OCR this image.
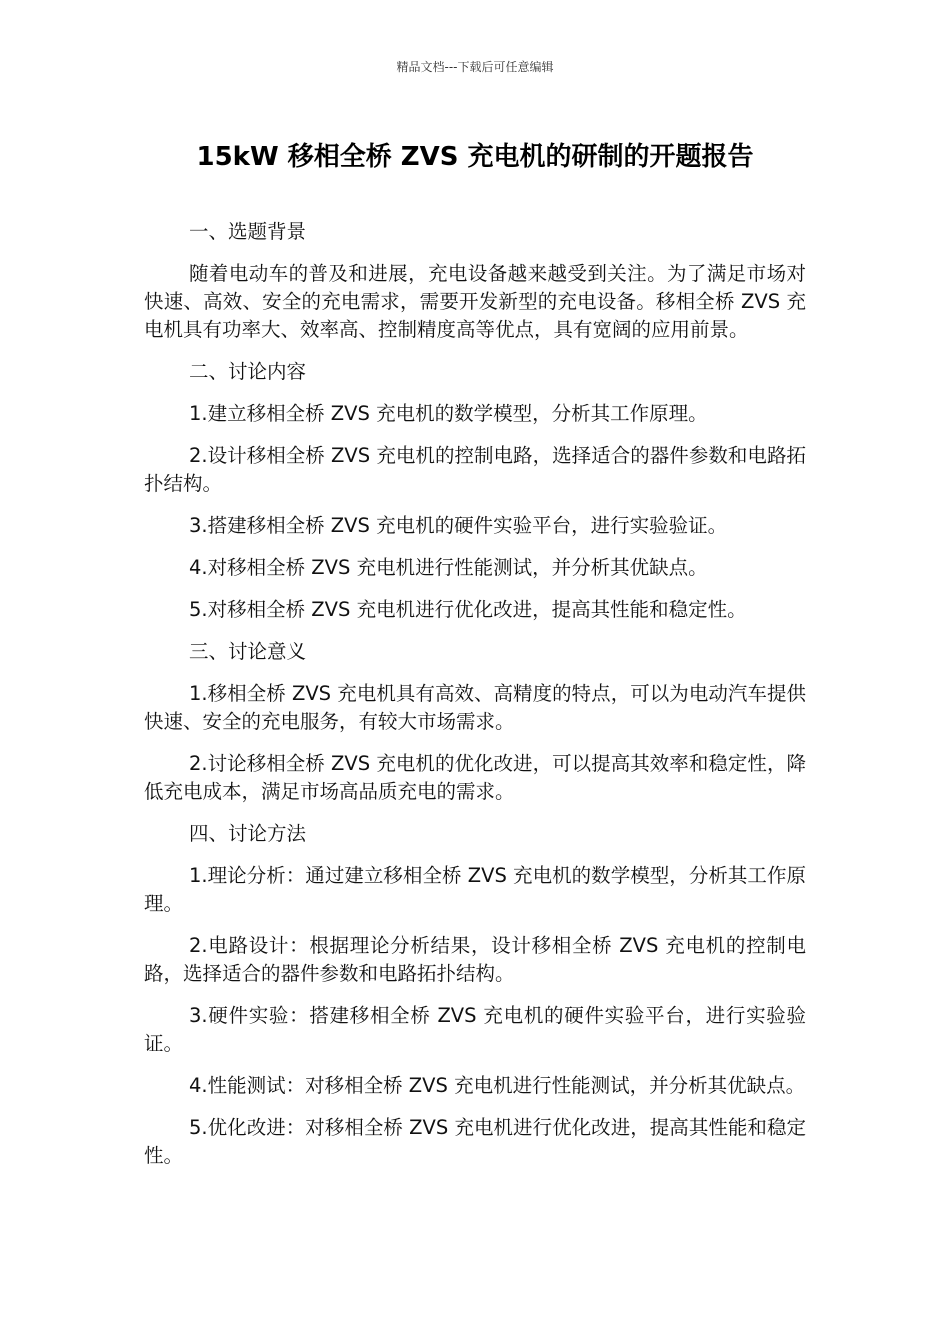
精品文档---下载后可任意编辑
15kW 移相全桥 ZVS 充电机的研制的开题报告
一、选题背景

随着电动车的普及和进展，充电设备越来越受到关注。为了满足市场对快速、高效、安全的充电需求，需要开发新型的充电设备。移相全桥 ZVS 充电机具有功率大、效率高、控制精度高等优点，具有宽阔的应用前景。

二、讨论内容

1.建立移相全桥 ZVS 充电机的数学模型，分析其工作原理。

2.设计移相全桥 ZVS 充电机的控制电路，选择适合的器件参数和电路拓扑结构。

3.搭建移相全桥 ZVS 充电机的硬件实验平台，进行实验验证。

4.对移相全桥 ZVS 充电机进行性能测试，并分析其优缺点。

5.对移相全桥 ZVS 充电机进行优化改进，提高其性能和稳定性。

三、讨论意义

1.移相全桥 ZVS 充电机具有高效、高精度的特点，可以为电动汽车提供快速、安全的充电服务，有较大市场需求。

2.讨论移相全桥 ZVS 充电机的优化改进，可以提高其效率和稳定性，降低充电成本，满足市场高品质充电的需求。

四、讨论方法

1.理论分析：通过建立移相全桥 ZVS 充电机的数学模型，分析其工作原理。

2.电路设计：根据理论分析结果，设计移相全桥 ZVS 充电机的控制电路，选择适合的器件参数和电路拓扑结构。

3.硬件实验：搭建移相全桥 ZVS 充电机的硬件实验平台，进行实验验证。

4.性能测试：对移相全桥 ZVS 充电机进行性能测试，并分析其优缺点。

5.优化改进：对移相全桥 ZVS 充电机进行优化改进，提高其性能和稳定性。
